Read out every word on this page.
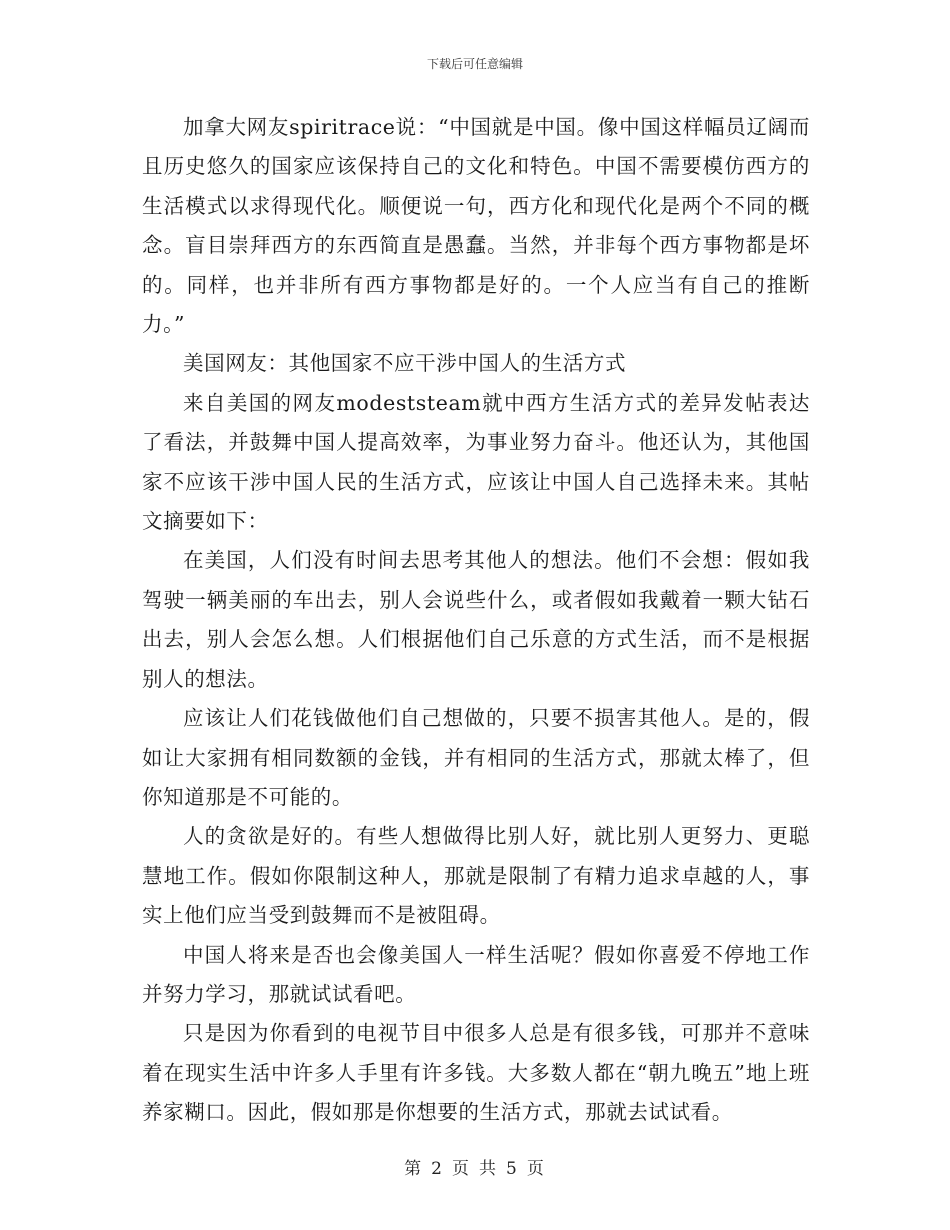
下载后可任意编辑

加拿大网友spiritrace说：“中国就是中国。像中国这样幅员辽阔而且历史悠久的国家应该保持自己的文化和特色。中国不需要模仿西方的生活模式以求得现代化。顺便说一句，西方化和现代化是两个不同的概念。盲目崇拜西方的东西简直是愚蠢。当然，并非每个西方事物都是坏的。同样，也并非所有西方事物都是好的。一个人应当有自己的推断力。”

美国网友：其他国家不应干涉中国人的生活方式

来自美国的网友modeststeam就中西方生活方式的差异发帖表达了看法，并鼓舞中国人提高效率，为事业努力奋斗。他还认为，其他国家不应该干涉中国人民的生活方式，应该让中国人自己选择未来。其帖文摘要如下：

在美国，人们没有时间去思考其他人的想法。他们不会想：假如我驾驶一辆美丽的车出去，别人会说些什么，或者假如我戴着一颗大钻石出去，别人会怎么想。人们根据他们自己乐意的方式生活，而不是根据别人的想法。

应该让人们花钱做他们自己想做的，只要不损害其他人。是的，假如让大家拥有相同数额的金钱，并有相同的生活方式，那就太棒了，但你知道那是不可能的。

人的贪欲是好的。有些人想做得比别人好，就比别人更努力、更聪慧地工作。假如你限制这种人，那就是限制了有精力追求卓越的人，事实上他们应当受到鼓舞而不是被阻碍。

中国人将来是否也会像美国人一样生活呢？假如你喜爱不停地工作并努力学习，那就试试看吧。

只是因为你看到的电视节目中很多人总是有很多钱，可那并不意味着在现实生活中许多人手里有许多钱。大多数人都在“朝九晚五”地上班养家糊口。因此，假如那是你想要的生活方式，那就去试试看。

第 2 页 共 5 页
